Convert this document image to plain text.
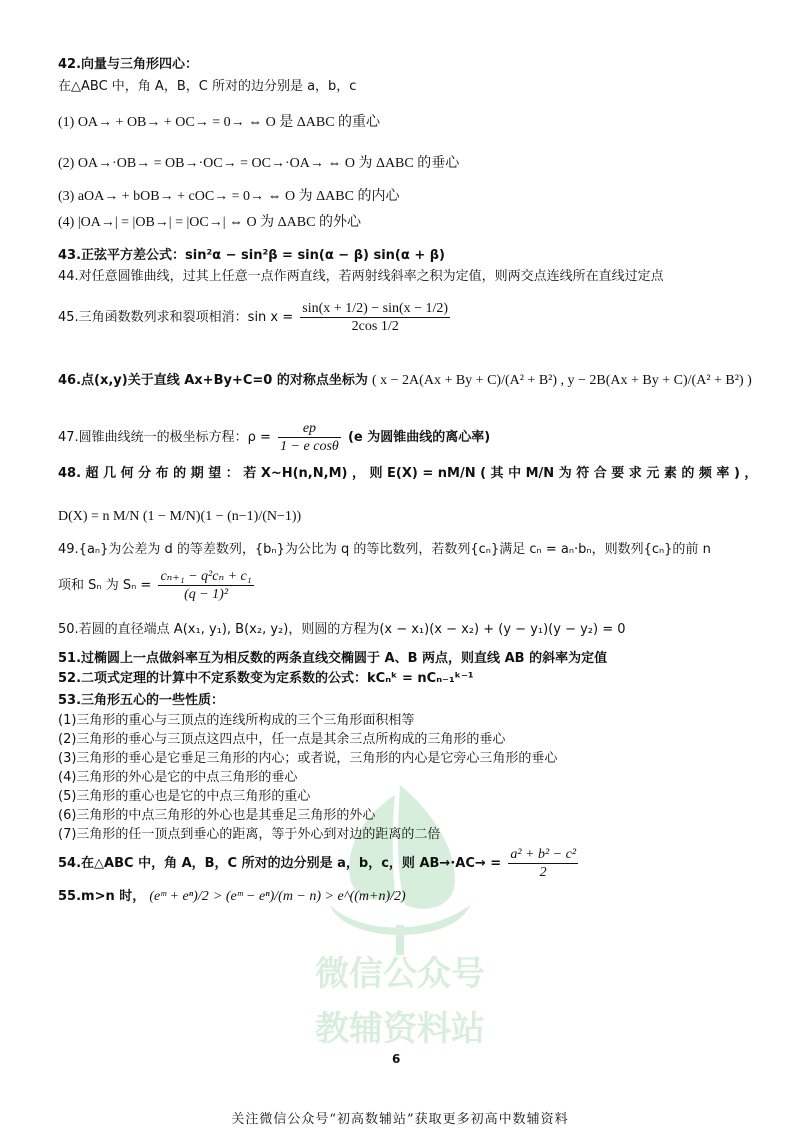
微信公众号
教辅资料站
42.向量与三角形四心：
在△ABC 中，角 A，B，C 所对的边分别是 a，b，c
(1) OA→ + OB→ + OC→ = 0→ ⇔ O 是 ΔABC 的重心
(2) OA→·OB→ = OB→·OC→ = OC→·OA→ ⇔ O 为 ΔABC 的垂心
(3) aOA→ + bOB→ + cOC→ = 0→ ⇔ O 为 ΔABC 的内心
(4) |OA→| = |OB→| = |OC→| ⇔ O 为 ΔABC 的外心
43.正弦平方差公式：sin²α − sin²β = sin(α − β) sin(α + β)
44.对任意圆锥曲线，过其上任意一点作两直线，若两射线斜率之积为定值，则两交点连线所在直线过定点
45.三角函数数列求和裂项相消：$\sin x = \frac{\sin(x + 1/2) - \sin(x - 1/2)}{2\cos 1/2}$
46.点(x,y)关于直线 Ax+By+C=0 的对称点坐标为 ( x − 2A(Ax + By + C)/(A² + B²) , y − 2B(Ax + By + C)/(A² + B²) )
47.圆锥曲线统一的极坐标方程：$\rho = \frac{ep}{\text{1 − e cosθ}} (e$ 为圆锥曲线的离心率)
48. 超 几 何 分 布 的 期 望 ： 若 X~H(n,N,M) ， 则 E(X) = nM/N ( 其 中 M/N 为 符 合 要 求 元 素 的 频 率 ) ，
D(X) = n M/N (1 − M/N)(1 − (n−1)/(N−1))
49.{aₙ}为公差为 d 的等差数列，{bₙ}为公比为 q 的等比数列，若数列{cₙ}满足 cₙ = aₙ·bₙ，则数列{cₙ}的前 n
项和 Sₙ 为 $S_n = \frac{\text{cₙ₊₁ − q²cₙ + c₁}}{\text{(q − 1)²}}$
50.若圆的直径端点 A(x₁, y₁), B(x₂, y₂)，则圆的方程为(x − x₁)(x − x₂) + (y − y₁)(y − y₂) = 0
51.过椭圆上一点做斜率互为相反数的两条直线交椭圆于 A、B 两点，则直线 AB 的斜率为定值
52.二项式定理的计算中不定系数变为定系数的公式：kCₙᵏ = nCₙ₋₁ᵏ⁻¹
53.三角形五心的一些性质：
(1)三角形的重心与三顶点的连线所构成的三个三角形面积相等
(2)三角形的垂心与三顶点这四点中，任一点是其余三点所构成的三角形的垂心
(3)三角形的垂心是它垂足三角形的内心；或者说，三角形的内心是它旁心三角形的垂心
(4)三角形的外心是它的中点三角形的垂心
(5)三角形的重心也是它的中点三角形的重心
(6)三角形的中点三角形的外心也是其垂足三角形的外心
(7)三角形的任一顶点到垂心的距离，等于外心到对边的距离的二倍
54.在△ABC 中，角 A，B，C 所对的边分别是 a，b，c，则 $AB\to\cdot AC\to = \frac{\text{a² + b² − c²}}{2}$
55.m>n 时， (eᵐ + eⁿ)/2 > (eᵐ − eⁿ)/(m − n) > e^((m+n)/2)
6
关注微信公众号“初高数辅站”获取更多初高中数辅资料
